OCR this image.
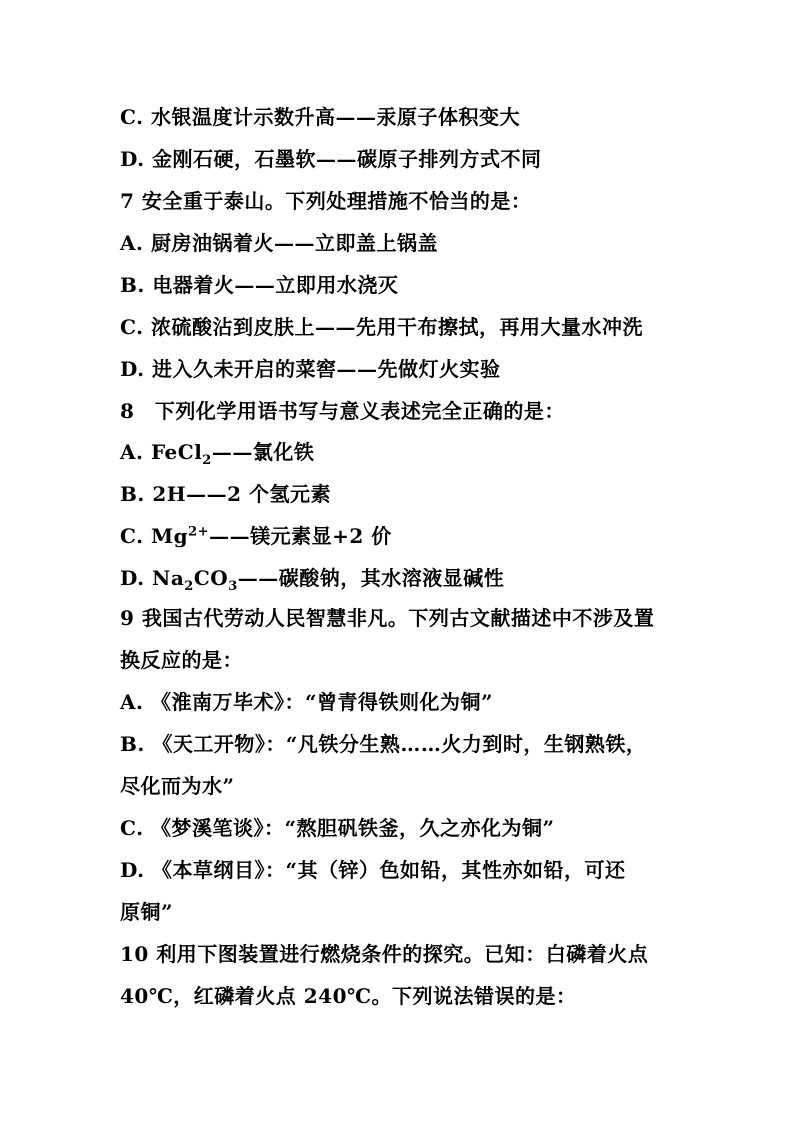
C. 水银温度计示数升高——汞原子体积变大
D. 金刚石硬，石墨软——碳原子排列方式不同
7 安全重于泰山。下列处理措施不恰当的是：
A. 厨房油锅着火——立即盖上锅盖
B. 电器着火——立即用水浇灭
C. 浓硫酸沾到皮肤上——先用干布擦拭，再用大量水冲洗
D. 进入久未开启的菜窖——先做灯火实验
8　下列化学用语书写与意义表述完全正确的是：
A. FeCl$_2$——氯化铁
B. 2H——2 个氢元素
C. $Mg^{2+}——$镁元素显+2 价
D. $Na_2CO_3——$碳酸钠，其水溶液显碱性
9 我国古代劳动人民智慧非凡。下列古文献描述中不涉及置
换反应的是：
A. 《淮南万毕术》：“曾青得铁则化为铜”
B. 《天工开物》：“凡铁分生熟……火力到时，生钢熟铁，
尽化而为水”
C. 《梦溪笔谈》：“熬胆矾铁釜，久之亦化为铜”
D. 《本草纲目》：“其（锌）色如铅，其性亦如铅，可还
原铜”
10 利用下图装置进行燃烧条件的探究。已知：白磷着火点
40℃，红磷着火点 240℃。下列说法错误的是：
